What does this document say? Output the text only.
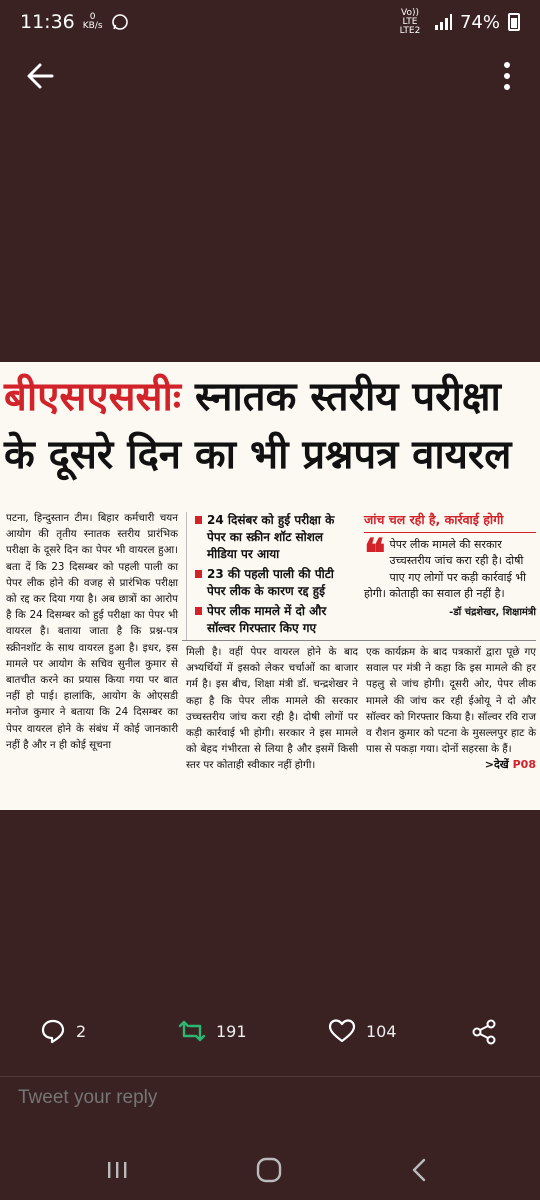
11:36	0
KB/s
Vo)) LTE LTE2	74%
बीएसएससीः स्नातक स्तरीय परीक्षा
के दूसरे दिन का भी प्रश्नपत्र वायरल
पटना, हिन्दुस्तान टीम। बिहार कर्मचारी चयन आयोग की तृतीय स्नातक स्तरीय प्रारंभिक परीक्षा के दूसरे दिन का पेपर भी वायरल हुआ। बता दें कि 23 दिसम्बर को पहली पाली का पेपर लीक होने की वजह से प्रारंभिक परीक्षा को रद्द कर दिया गया है। अब छात्रों का आरोप है कि 24 दिसम्बर को हुई परीक्षा का पेपर भी वायरल है। बताया जाता है कि प्रश्न-पत्र स्क्रीनशॉट के साथ वायरल हुआ है। इधर, इस मामले पर आयोग के सचिव सुनील कुमार से बातचीत करने का प्रयास किया गया पर बात नहीं हो पाई। हालांकि, आयोग के ओएसडी मनोज कुमार ने बताया कि 24 दिसम्बर का पेपर वायरल होने के संबंध में कोई जानकारी नहीं है और न ही कोई सूचना
24 दिसंबर को हुई परीक्षा के पेपर का स्क्रीन शॉट सोशल मीडिया पर आया
23 की पहली पाली की पीटी पेपर लीक के कारण रद्द हुई
पेपर लीक मामले में दो और सॉल्वर गिरफ्तार किए गए
जांच चल रही है, कार्रवाई होगी
❝ पेपर लीक मामले की सरकार उच्चस्तरीय जांच करा रही है। दोषी पाए गए लोगों पर कड़ी कार्रवाई भी होगी। कोताही का सवाल ही नहीं है।
-डॉ चंद्रशेखर, शिक्षामंत्री
मिली है। वहीं पेपर वायरल होने के बाद अभ्यर्थियों में इसको लेकर चर्चाओं का बाजार गर्म है। इस बीच, शिक्षा मंत्री डॉ. चन्द्रशेखर ने कहा है कि पेपर लीक मामले की सरकार उच्चस्तरीय जांच करा रही है। दोषी लोगों पर कड़ी कार्रवाई भी होगी। सरकार ने इस मामले को बेहद गंभीरता से लिया है और इसमें किसी स्तर पर कोताही स्वीकार नहीं होगी।
एक कार्यक्रम के बाद पत्रकारों द्वारा पूछे गए सवाल पर मंत्री ने कहा कि इस मामले की हर पहलु से जांच होगी। दूसरी ओर, पेपर लीक मामले की जांच कर रही ईओयू ने दो और सॉल्वर को गिरफ्तार किया है। सॉल्वर रवि राज व रौशन कुमार को पटना के मुसल्लपुर हाट के पास से पकड़ा गया। दोनों सहरसा के हैं।
>देखें P08
2	191	104
Tweet your reply
